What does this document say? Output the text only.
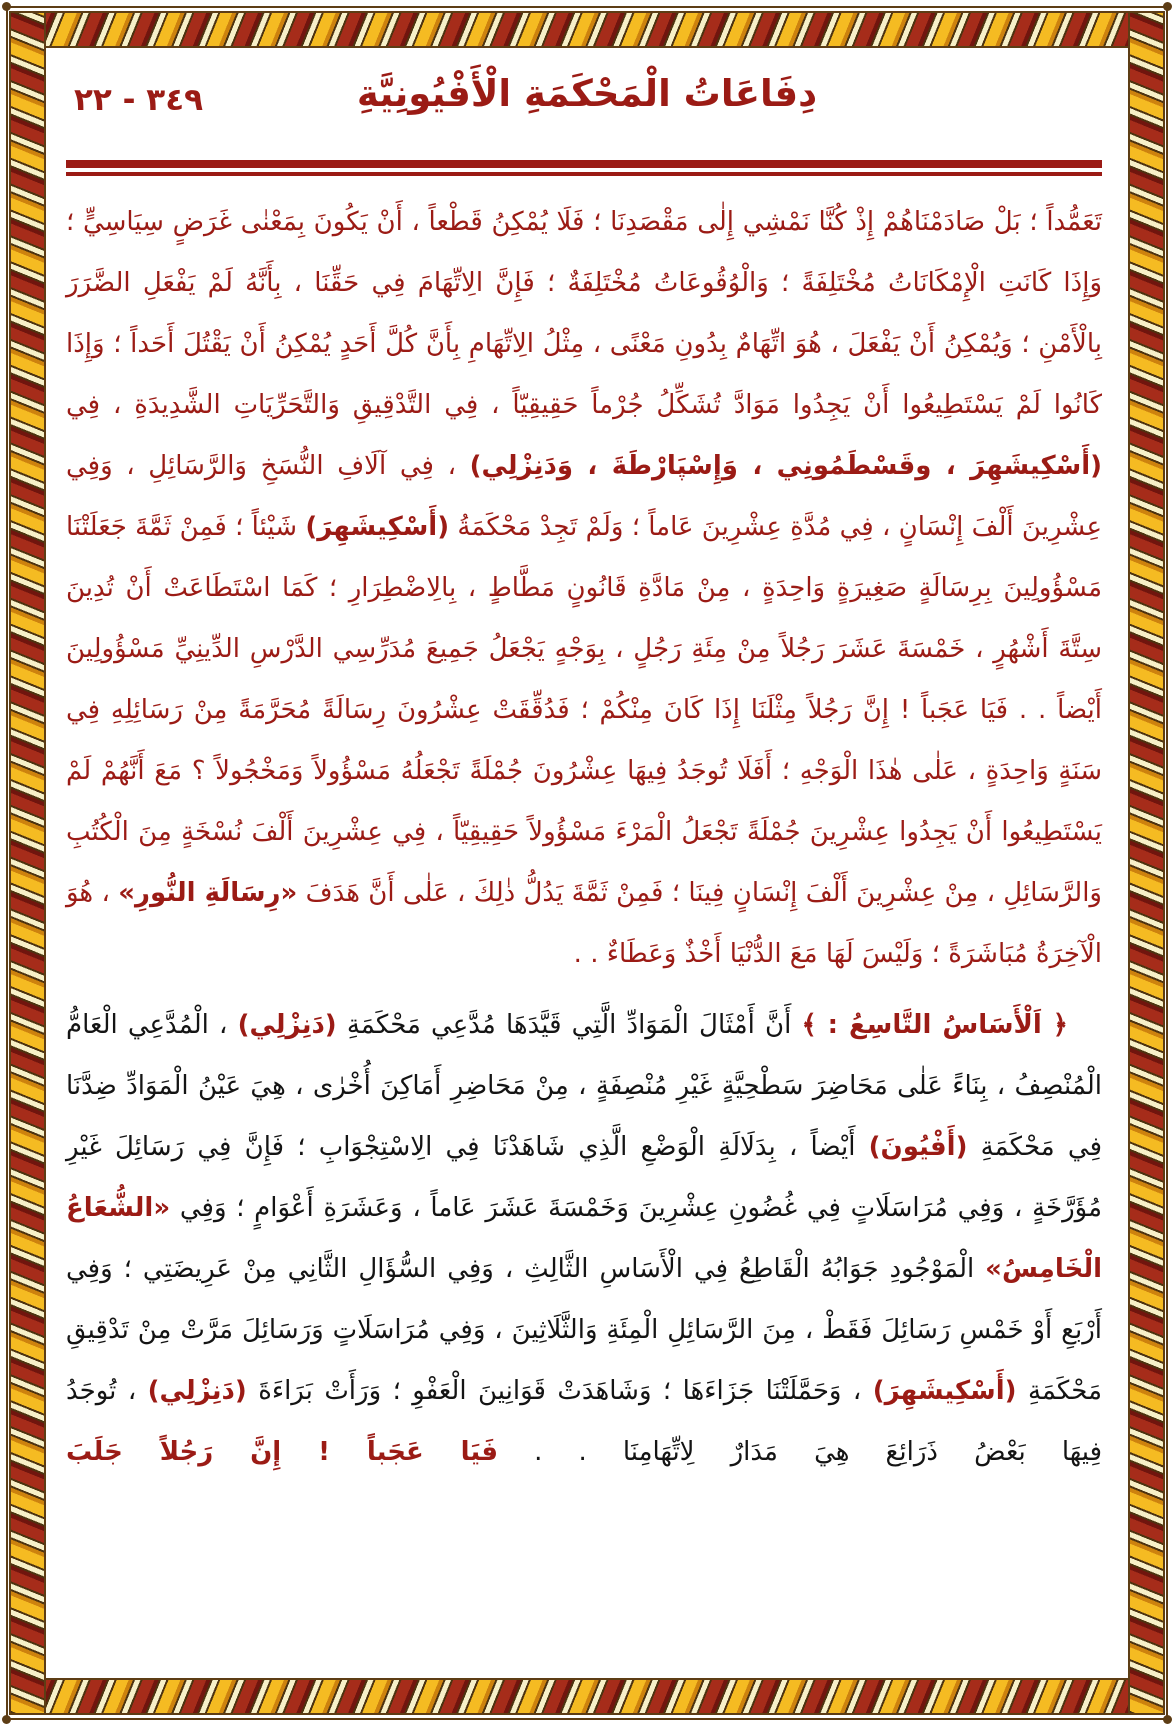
٣٤٩ - ٢٢	دِفَاعَاتُ الْمَحْكَمَةِ الْأَفْيُونِيَّةِ

تَعَمُّداً ؛ بَلْ صَادَمْنَاهُمْ إِذْ كُنَّا نَمْشِي إِلٰى مَقْصَدِنَا ؛ فَلَا يُمْكِنُ قَطْعاً ، أَنْ يَكُونَ بِمَعْنٰى غَرَضٍ سِيَاسِيٍّ ؛ وَإِذَا كَانَتِ الْإِمْكَانَاتُ مُخْتَلِفَةً ؛ وَالْوُقُوعَاتُ مُخْتَلِفَةٌ ؛ فَإِنَّ الِاتِّهَامَ فِي حَقِّنَا ، بِأَنَّهُ لَمْ يَفْعَلِ الضَّرَرَ بِالْأَمْنِ ؛ وَيُمْكِنُ أَنْ يَفْعَلَ ، هُوَ اتِّهَامٌ بِدُونِ مَعْنًى ، مِثْلُ الِاتِّهَامِ بِأَنَّ كُلَّ أَحَدٍ يُمْكِنُ أَنْ يَقْتُلَ أَحَداً ؛ وَإِذَا كَانُوا لَمْ يَسْتَطِيعُوا أَنْ يَجِدُوا مَوَادَّ تُشَكِّلُ جُرْماً حَقِيقِيّاً ، فِي التَّدْقِيقِ وَالتَّحَرِّيَاتِ الشَّدِيدَةِ ، فِي (أَسْكِيشَهِرَ ، وقَسْطَمُونِي ، وَإِسْپَارْطَةَ ، وَدَنِزْلِي) ، فِي آلَافِ النُّسَخِ وَالرَّسَائِلِ ، وَفِي عِشْرِينَ أَلْفَ إِنْسَانٍ ، فِي مُدَّةِ عِشْرِينَ عَاماً ؛ وَلَمْ تَجِدْ مَحْكَمَةُ (أَسْكِيشَهِرَ) شَيْئاً ؛ فَمِنْ ثَمَّةَ جَعَلَتْنَا مَسْؤُولِينَ بِرِسَالَةٍ صَغِيرَةٍ وَاحِدَةٍ ، مِنْ مَادَّةِ قَانُونٍ مَطَّاطٍ ، بِالِاضْطِرَارِ ؛ كَمَا اسْتَطَاعَتْ أَنْ تُدِينَ سِتَّةَ أَشْهُرٍ ، خَمْسَةَ عَشَرَ رَجُلاً مِنْ مِئَةِ رَجُلٍ ، بِوَجْهٍ يَجْعَلُ جَمِيعَ مُدَرِّسِي الدَّرْسِ الدِّينِيِّ مَسْؤُولِينَ أَيْضاً . . فَيَا عَجَباً ! إِنَّ رَجُلاً مِثْلَنَا إِذَا كَانَ مِنْكُمْ ؛ فَدُقِّقَتْ عِشْرُونَ رِسَالَةً مُحَرَّمَةً مِنْ رَسَائِلِهِ فِي سَنَةٍ وَاحِدَةٍ ، عَلٰى هٰذَا الْوَجْهِ ؛ أَفَلَا تُوجَدُ فِيهَا عِشْرُونَ جُمْلَةً تَجْعَلُهُ مَسْؤُولاً وَمَخْجُولاً ؟ مَعَ أَنَّهُمْ لَمْ يَسْتَطِيعُوا أَنْ يَجِدُوا عِشْرِينَ جُمْلَةً تَجْعَلُ الْمَرْءَ مَسْؤُولاً حَقِيقِيّاً ، فِي عِشْرِينَ أَلْفَ نُسْخَةٍ مِنَ الْكُتُبِ وَالرَّسَائِلِ ، مِنْ عِشْرِينَ أَلْفَ إِنْسَانٍ فِينَا ؛ فَمِنْ ثَمَّةَ يَدُلُّ ذٰلِكَ ، عَلٰى أَنَّ هَدَفَ «رِسَالَةِ النُّورِ» ، هُوَ الْآخِرَةُ مُبَاشَرَةً ؛ وَلَيْسَ لَهَا مَعَ الدُّنْيَا أَخْذٌ وَعَطَاءٌ . .

﴿ اَلْأَسَاسُ التَّاسِعُ : ﴾ أَنَّ أَمْثَالَ الْمَوَادِّ الَّتِي قَيَّدَهَا مُدَّعِي مَحْكَمَةِ (دَنِزْلِي) ، الْمُدَّعِي الْعَامُّ الْمُنْصِفُ ، بِنَاءً عَلٰى مَحَاضِرَ سَطْحِيَّةٍ غَيْرِ مُنْصِفَةٍ ، مِنْ مَحَاضِرِ أَمَاكِنَ أُخْرٰى ، هِيَ عَيْنُ الْمَوَادِّ ضِدَّنَا فِي مَحْكَمَةِ (أَفْيُونَ) أَيْضاً ، بِدَلَالَةِ الْوَضْعِ الَّذِي شَاهَدْنَا فِي الِاسْتِجْوَابِ ؛ فَإِنَّ فِي رَسَائِلَ غَيْرِ مُؤَرَّخَةٍ ، وَفِي مُرَاسَلَاتٍ فِي غُضُونِ عِشْرِينَ وَخَمْسَةَ عَشَرَ عَاماً ، وَعَشَرَةِ أَعْوَامٍ ؛ وَفِي «الشُّعَاعُ الْخَامِسُ» الْمَوْجُودِ جَوَابُهُ الْقَاطِعُ فِي الْأَسَاسِ الثَّالِثِ ، وَفِي السُّؤَالِ الثَّانِي مِنْ عَرِيضَتِي ؛ وَفِي أَرْبَعِ أَوْ خَمْسِ رَسَائِلَ فَقَطْ ، مِنَ الرَّسَائِلِ الْمِئَةِ وَالثَّلَاثِينَ ، وَفِي مُرَاسَلَاتٍ وَرَسَائِلَ مَرَّتْ مِنْ تَدْقِيقِ مَحْكَمَةِ (أَسْكِيشَهِرَ) ، وَحَمَّلَتْنَا جَزَاءَهَا ؛ وَشَاهَدَتْ قَوَانِينَ الْعَفْوِ ؛ وَرَأَتْ بَرَاءَةَ (دَنِزْلِي) ، تُوجَدُ فِيهَا بَعْضُ ذَرَائِعَ هِيَ مَدَارٌ لِاتِّهَامِنَا . . فَيَا عَجَباً ! إِنَّ رَجُلاً جَلَبَ
